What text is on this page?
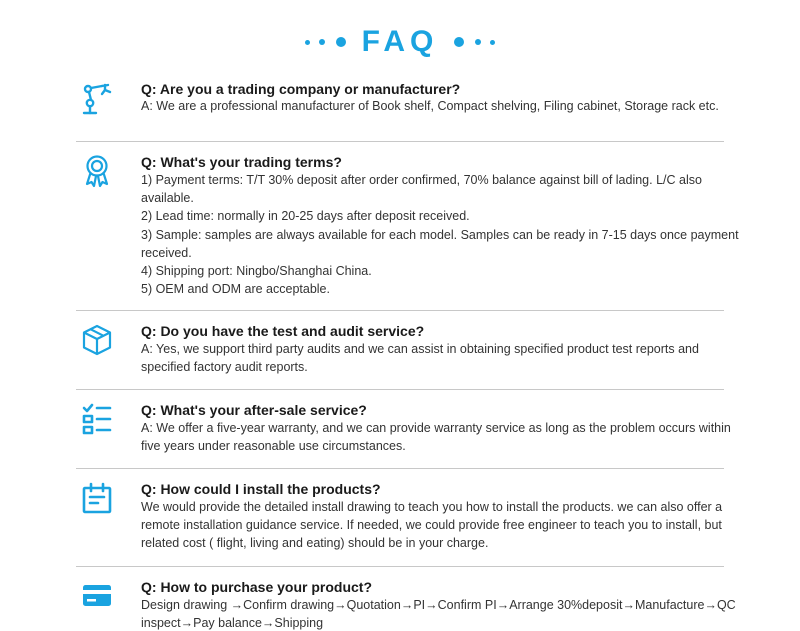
FAQ
Q: Are you a trading company or manufacturer?
A: We are a professional manufacturer of Book shelf, Compact shelving, Filing cabinet, Storage rack etc.
Q: What's your trading terms?
1) Payment terms: T/T 30% deposit after order confirmed, 70% balance against bill of lading. L/C also
available.
2) Lead time: normally in 20-25 days after deposit received.
3) Sample: samples are always available for each model. Samples can be ready in 7-15 days once payment
received.
4) Shipping port: Ningbo/Shanghai China.
5) OEM and ODM are acceptable.
Q: Do you have the test and audit service?
A: Yes, we support third party audits and we can assist in obtaining specified product test reports and
specified factory audit reports.
Q: What's your after-sale service?
A: We offer a five-year warranty, and we can provide warranty service as long as the problem occurs within
five years under reasonable use circumstances.
Q: How could I install the products?
We would provide the detailed install drawing to teach you how to install the products. we can also offer a
remote installation guidance service. If needed, we could provide free engineer to teach you to install, but
related cost ( flight, living and eating) should be in your charge.
Q: How to purchase your product?
Design drawing →Confirm drawing→Quotation→PI→Confirm PI→Arrange 30%deposit→Manufacture→QC
inspect→Pay balance→Shipping
